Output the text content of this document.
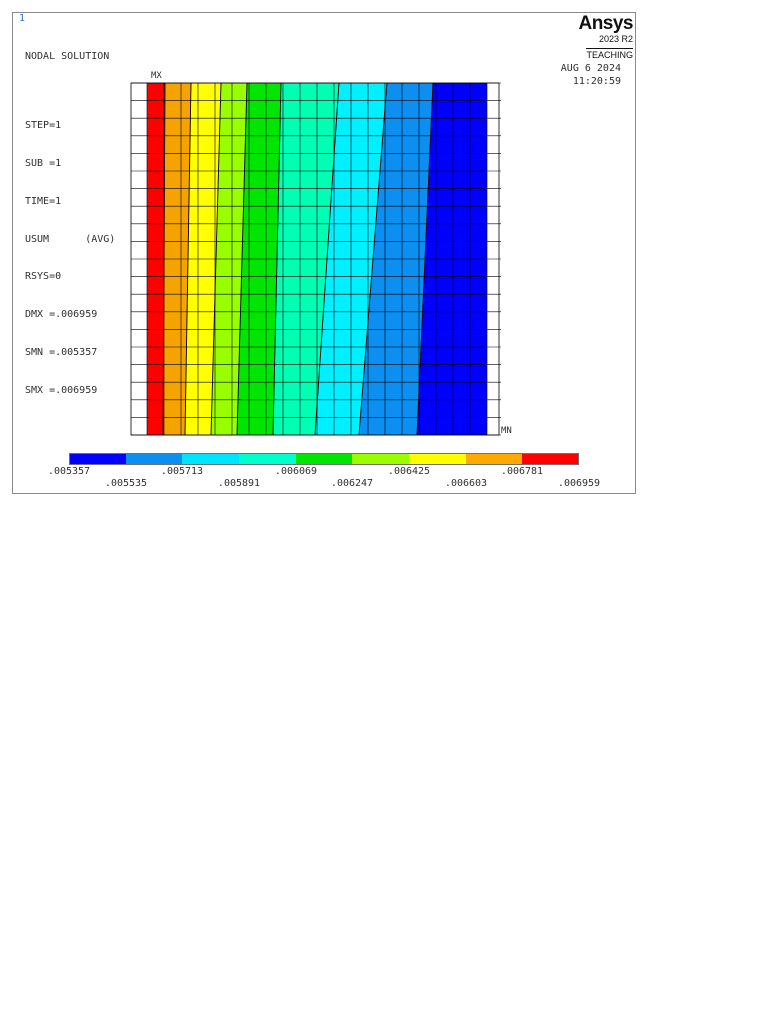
1

NODAL SOLUTION

STEP=1

SUB =1

TIME=1

USUM      (AVG)

RSYS=0

DMX =.006959

SMN =.005357

SMX =.006959

Ansys
2023 R2
TEACHING
AUG 6 2024
11:20:59
MX
MN
.005357	.005713	.006069	.006425	.006781
.005535	.005891	.006247	.006603	.006959
